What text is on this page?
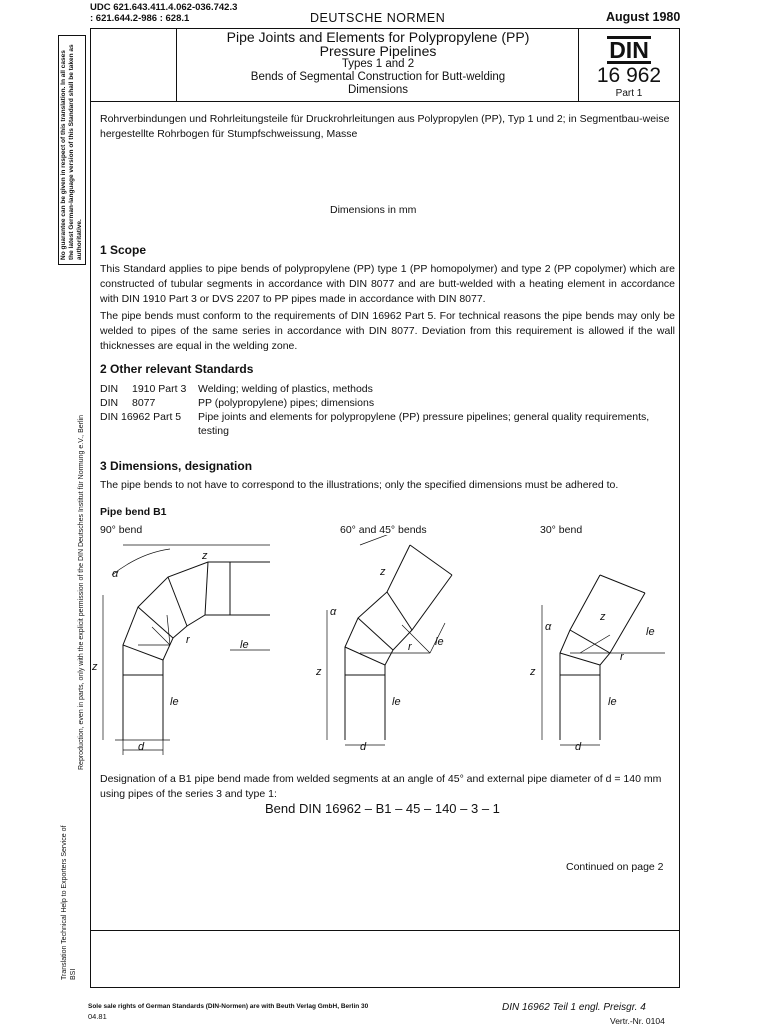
UDC 621.643.411.4.062-036.742.3
: 621.644.2-986 : 628.1	DEUTSCHE NORMEN	August 1980
Pipe Joints and Elements for Polypropylene (PP)
Pressure Pipelines
Types 1 and 2
Bends of Segmental Construction for Butt-welding
Dimensions
DIN
16 962
Part 1
Rohrverbindungen und Rohrleitungsteile für Druckrohrleitungen aus Polypropylen (PP), Typ 1 und 2; in Segmentbau-weise hergestellte Rohrbogen für Stumpfschweissung, Masse
Dimensions in mm
1 Scope
This Standard applies to pipe bends of polypropylene (PP) type 1 (PP homopolymer) and type 2 (PP copolymer) which are constructed of tubular segments in accordance with DIN 8077 and are butt-welded with a heating element in accordance with DIN 1910 Part 3 or DVS 2207 to PP pipes made in accordance with DIN 8077.
The pipe bends must conform to the requirements of DIN 16962 Part 5. For technical reasons the pipe bends may only be welded to pipes of the same series in accordance with DIN 8077. Deviation from this requirement is allowed if the wall thicknesses are equal in the welding zone.
2 Other relevant Standards
DIN	1910 Part 3	Welding; welding of plastics, methods
DIN	8077	PP (polypropylene) pipes; dimensions
DIN 16962 Part 5		Pipe joints and elements for polypropylene (PP) pressure pipelines; general quality requirements, testing
3 Dimensions, designation
The pipe bends to not have to correspond to the illustrations; only the specified dimensions must be adhered to.
Pipe bend B1
90° bend	60° and 45° bends	30° bend
z
d
le
α
r
z
le
z
d
le
α
r
z
le
z
d
le
α
r
z
le
Designation of a B1 pipe bend made from welded segments at an angle of 45° and external pipe diameter of d = 140 mm using pipes of the series 3 and type 1:
Bend DIN 16962 – B1 – 45 – 140 – 3 – 1
Continued on page 2
Sole sale rights of German Standards (DIN-Normen) are with Beuth Verlag GmbH, Berlin 30
04.81
DIN 16962 Teil 1 engl. Preisgr. 4
Vertr.-Nr. 0104
No guarantee can be given in respect of this translation. In all cases the latest German-language version of this Standard shall be taken as authoritative.
Reproduction, even in parts, only with the explicit permission of the DIN Deutsches Institut für Normung e.V., Berlin
Translation Technical Help to Exporters Service of BSI
